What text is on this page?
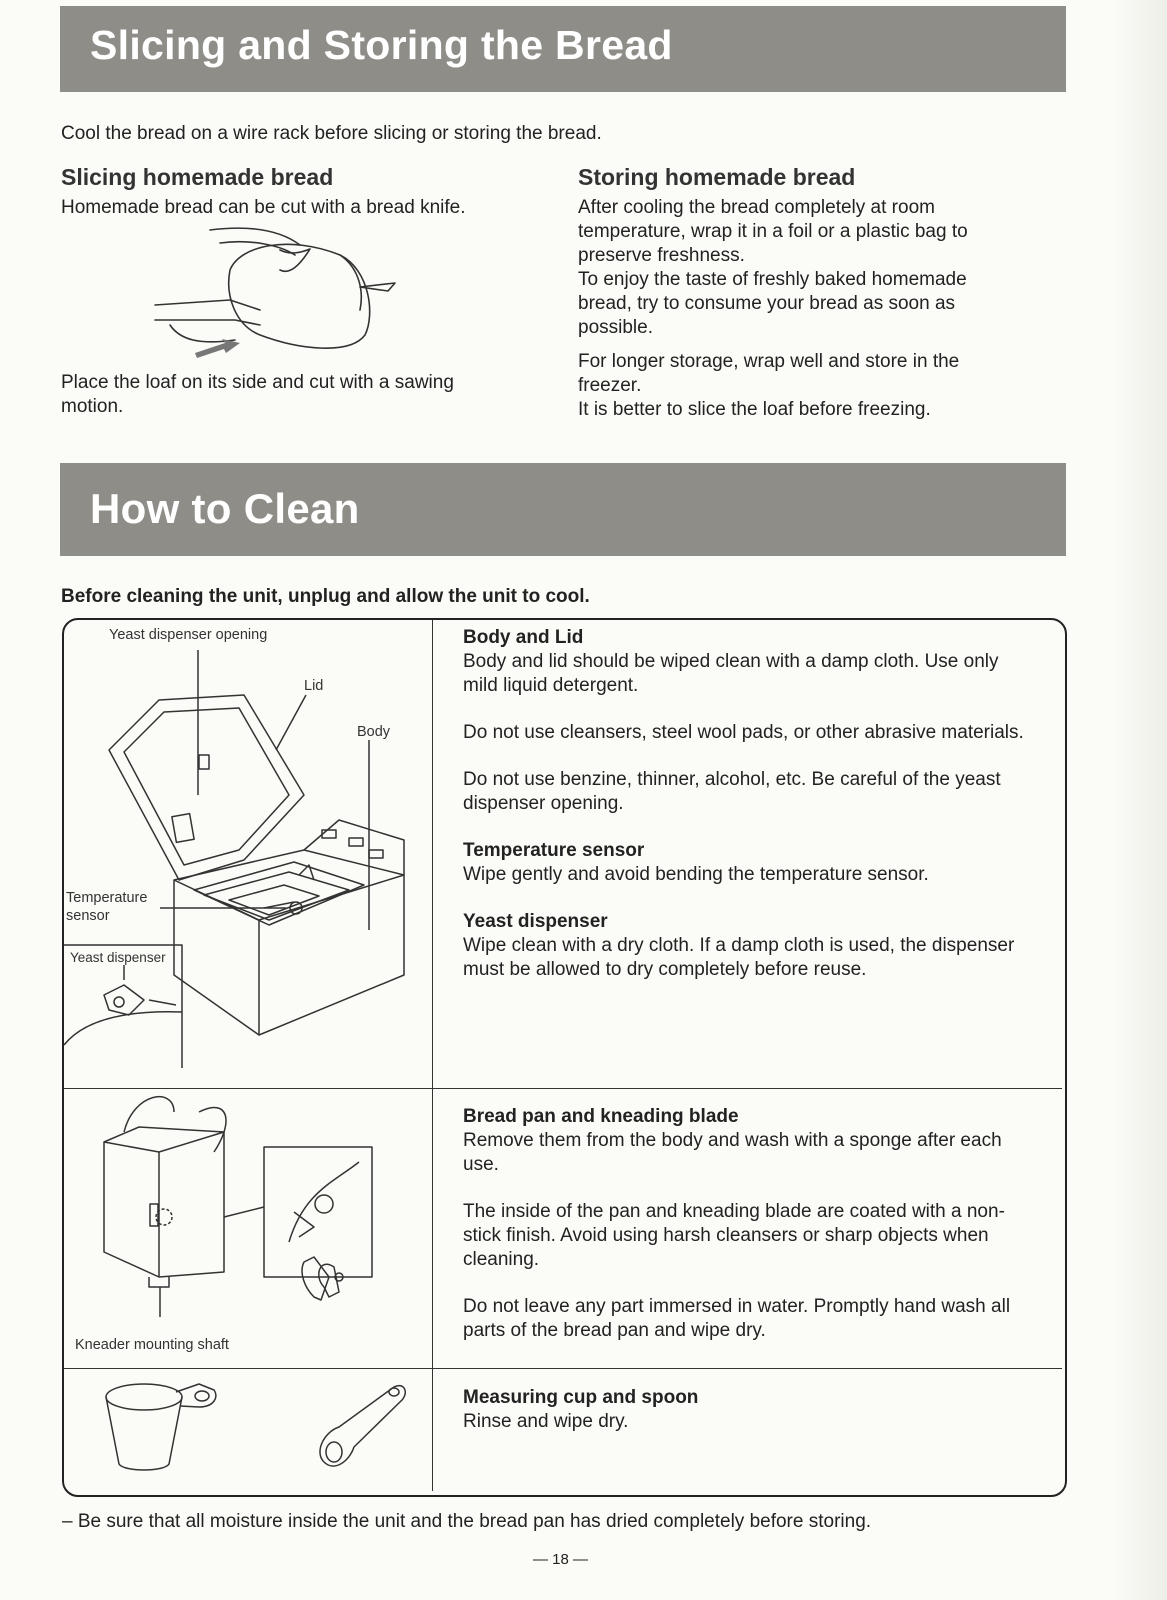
Slicing and Storing the Bread
Cool the bread on a wire rack before slicing or storing the bread.
Slicing homemade bread
Homemade bread can be cut with a bread knife.
Place the loaf on its side and cut with a sawing motion.
Storing homemade bread

After cooling the bread completely at room temperature, wrap it in a foil or a plastic bag to preserve freshness.

To enjoy the taste of freshly baked homemade bread, try to consume your bread as soon as possible.

For longer storage, wrap well and store in the freezer.

It is better to slice the loaf before freezing.

How to Clean
Before cleaning the unit, unplug and allow the unit to cool.
Yeast dispenser opening
Lid
Body
Temperature
sensor
Yeast dispenser
Body and Lid

Body and lid should be wiped clean with a damp cloth. Use only mild liquid detergent.

Do not use cleansers, steel wool pads, or other abrasive materials.

Do not use benzine, thinner, alcohol, etc. Be careful of the yeast dispenser opening.

Temperature sensor

Wipe gently and avoid bending the temperature sensor.

Yeast dispenser

Wipe clean with a dry cloth. If a damp cloth is used, the dispenser must be allowed to dry completely before reuse.

Kneader mounting shaft
Bread pan and kneading blade

Remove them from the body and wash with a sponge after each use.

The inside of the pan and kneading blade are coated with a non-stick finish. Avoid using harsh cleansers or sharp objects when cleaning.

Do not leave any part immersed in water. Promptly hand wash all parts of the bread pan and wipe dry.

Measuring cup and spoon

Rinse and wipe dry.

– Be sure that all moisture inside the unit and the bread pan has dried completely before storing.
— 18 —
